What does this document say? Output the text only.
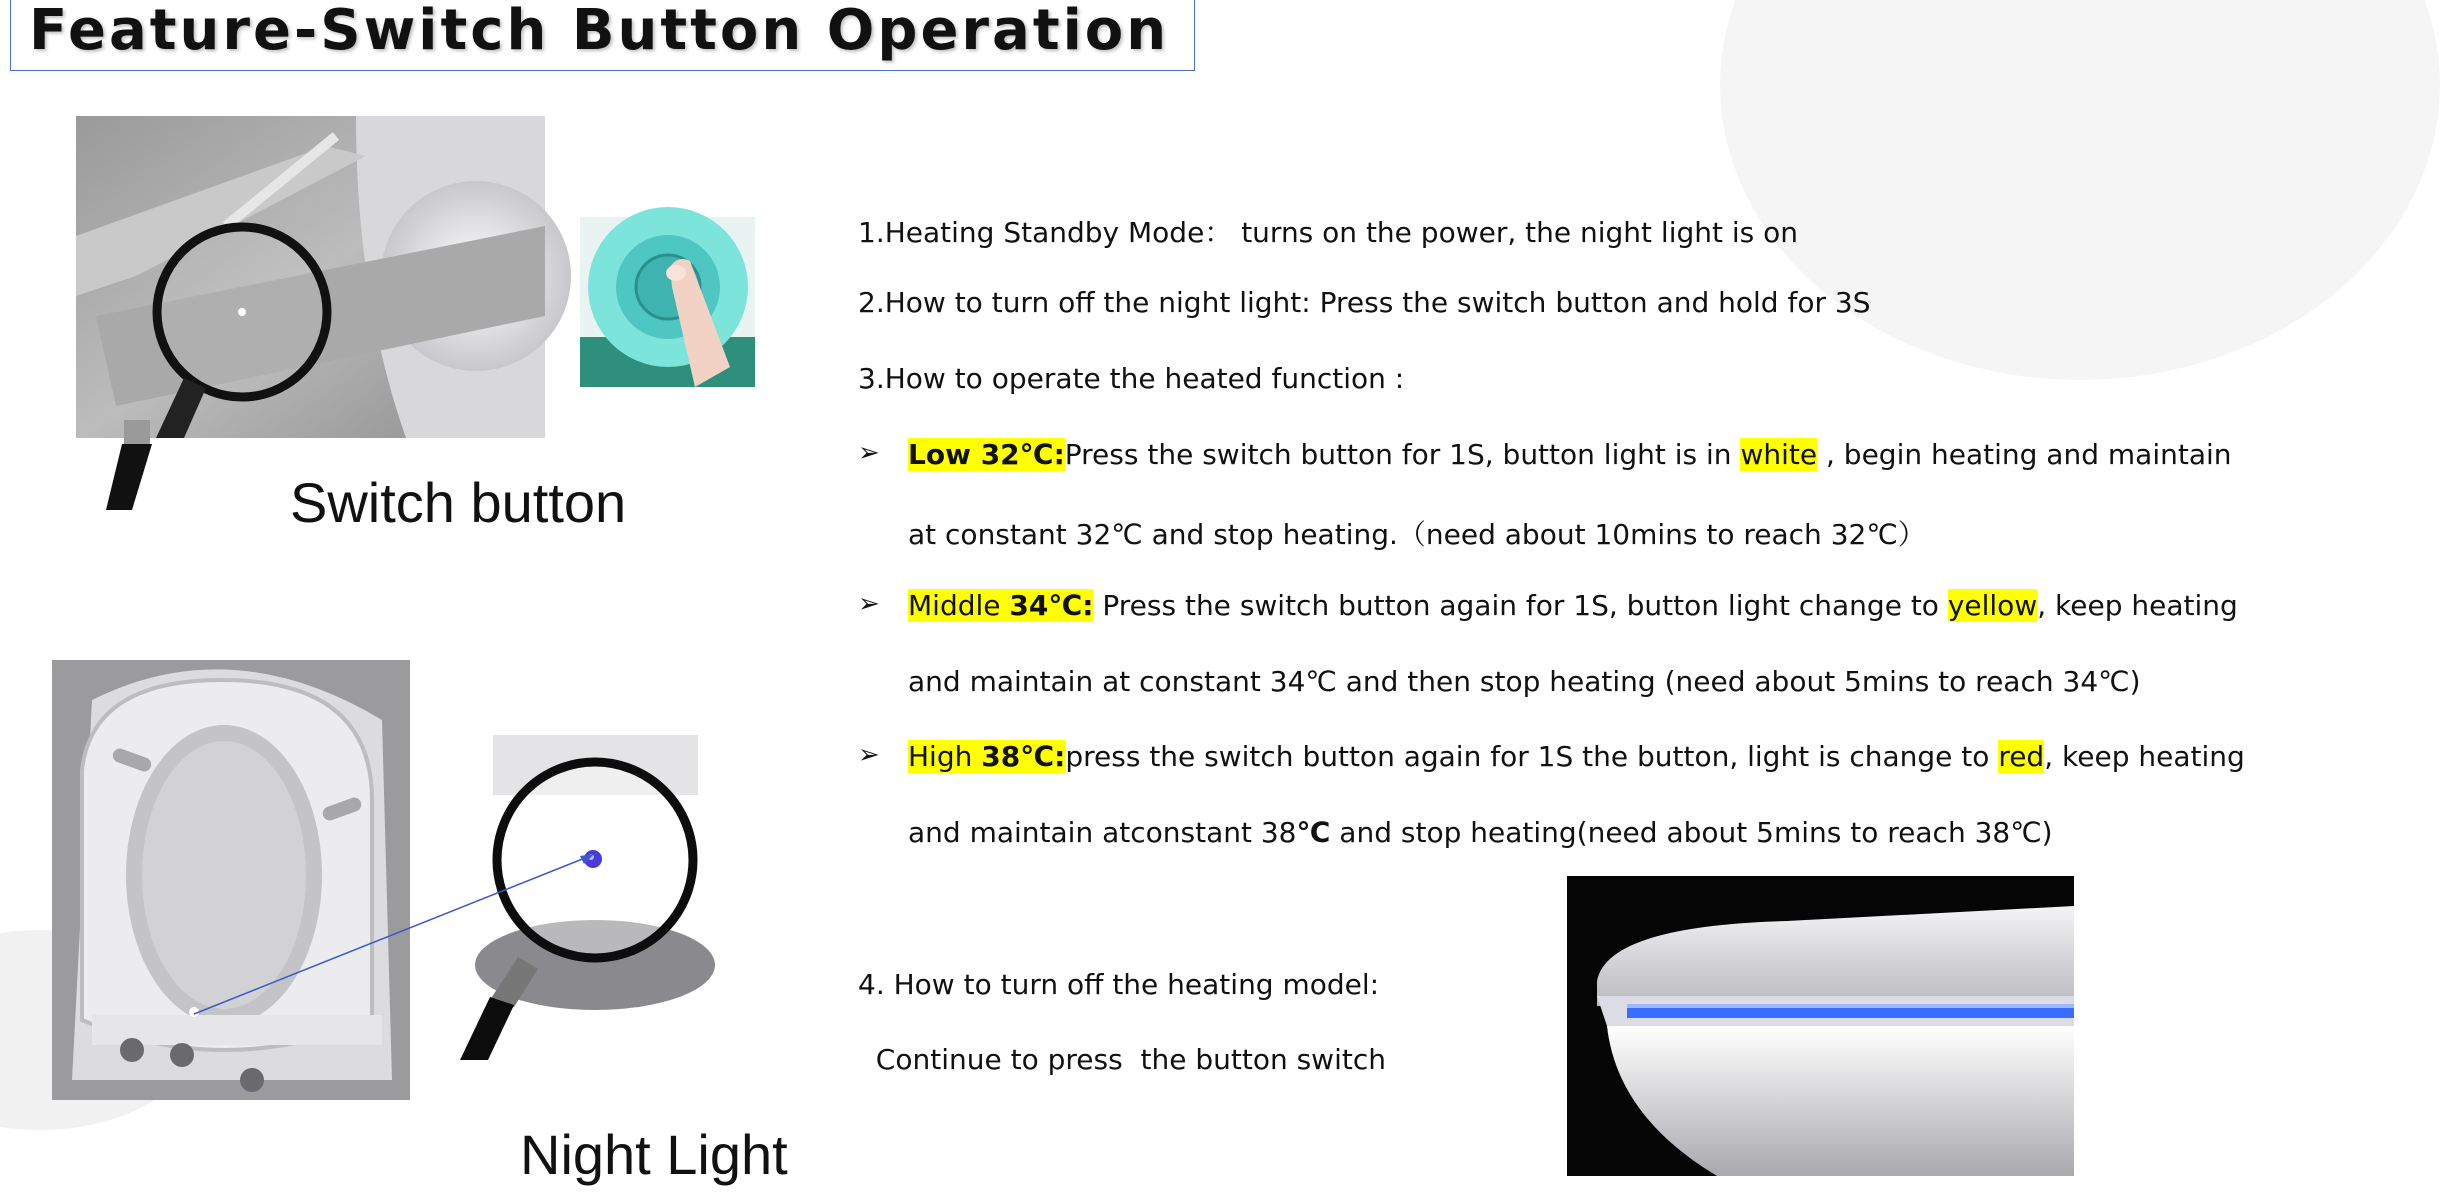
Feature-Switch Button Operation

Switch button

Night Light

1.Heating Standby Mode： turns on the power, the night light is on
2.How to turn off the night light: Press the switch button and hold for 3S
3.How to operate the heated function :
➢ Low 32℃:Press the switch button for 1S, button light is in white , begin heating and maintain
at constant 32℃ and stop heating.（need about 10mins to reach 32℃）
➢ Middle 34℃: Press the switch button again for 1S, button light change to yellow, keep heating
and maintain at constant 34℃ and then stop heating (need about 5mins to reach 34℃)
➢ High 38℃:press the switch button again for 1S the button, light is change to red, keep heating
and maintain atconstant 38℃ and stop heating(need about 5mins to reach 38℃)
4. How to turn off the heating model:
Continue to press  the button switch
